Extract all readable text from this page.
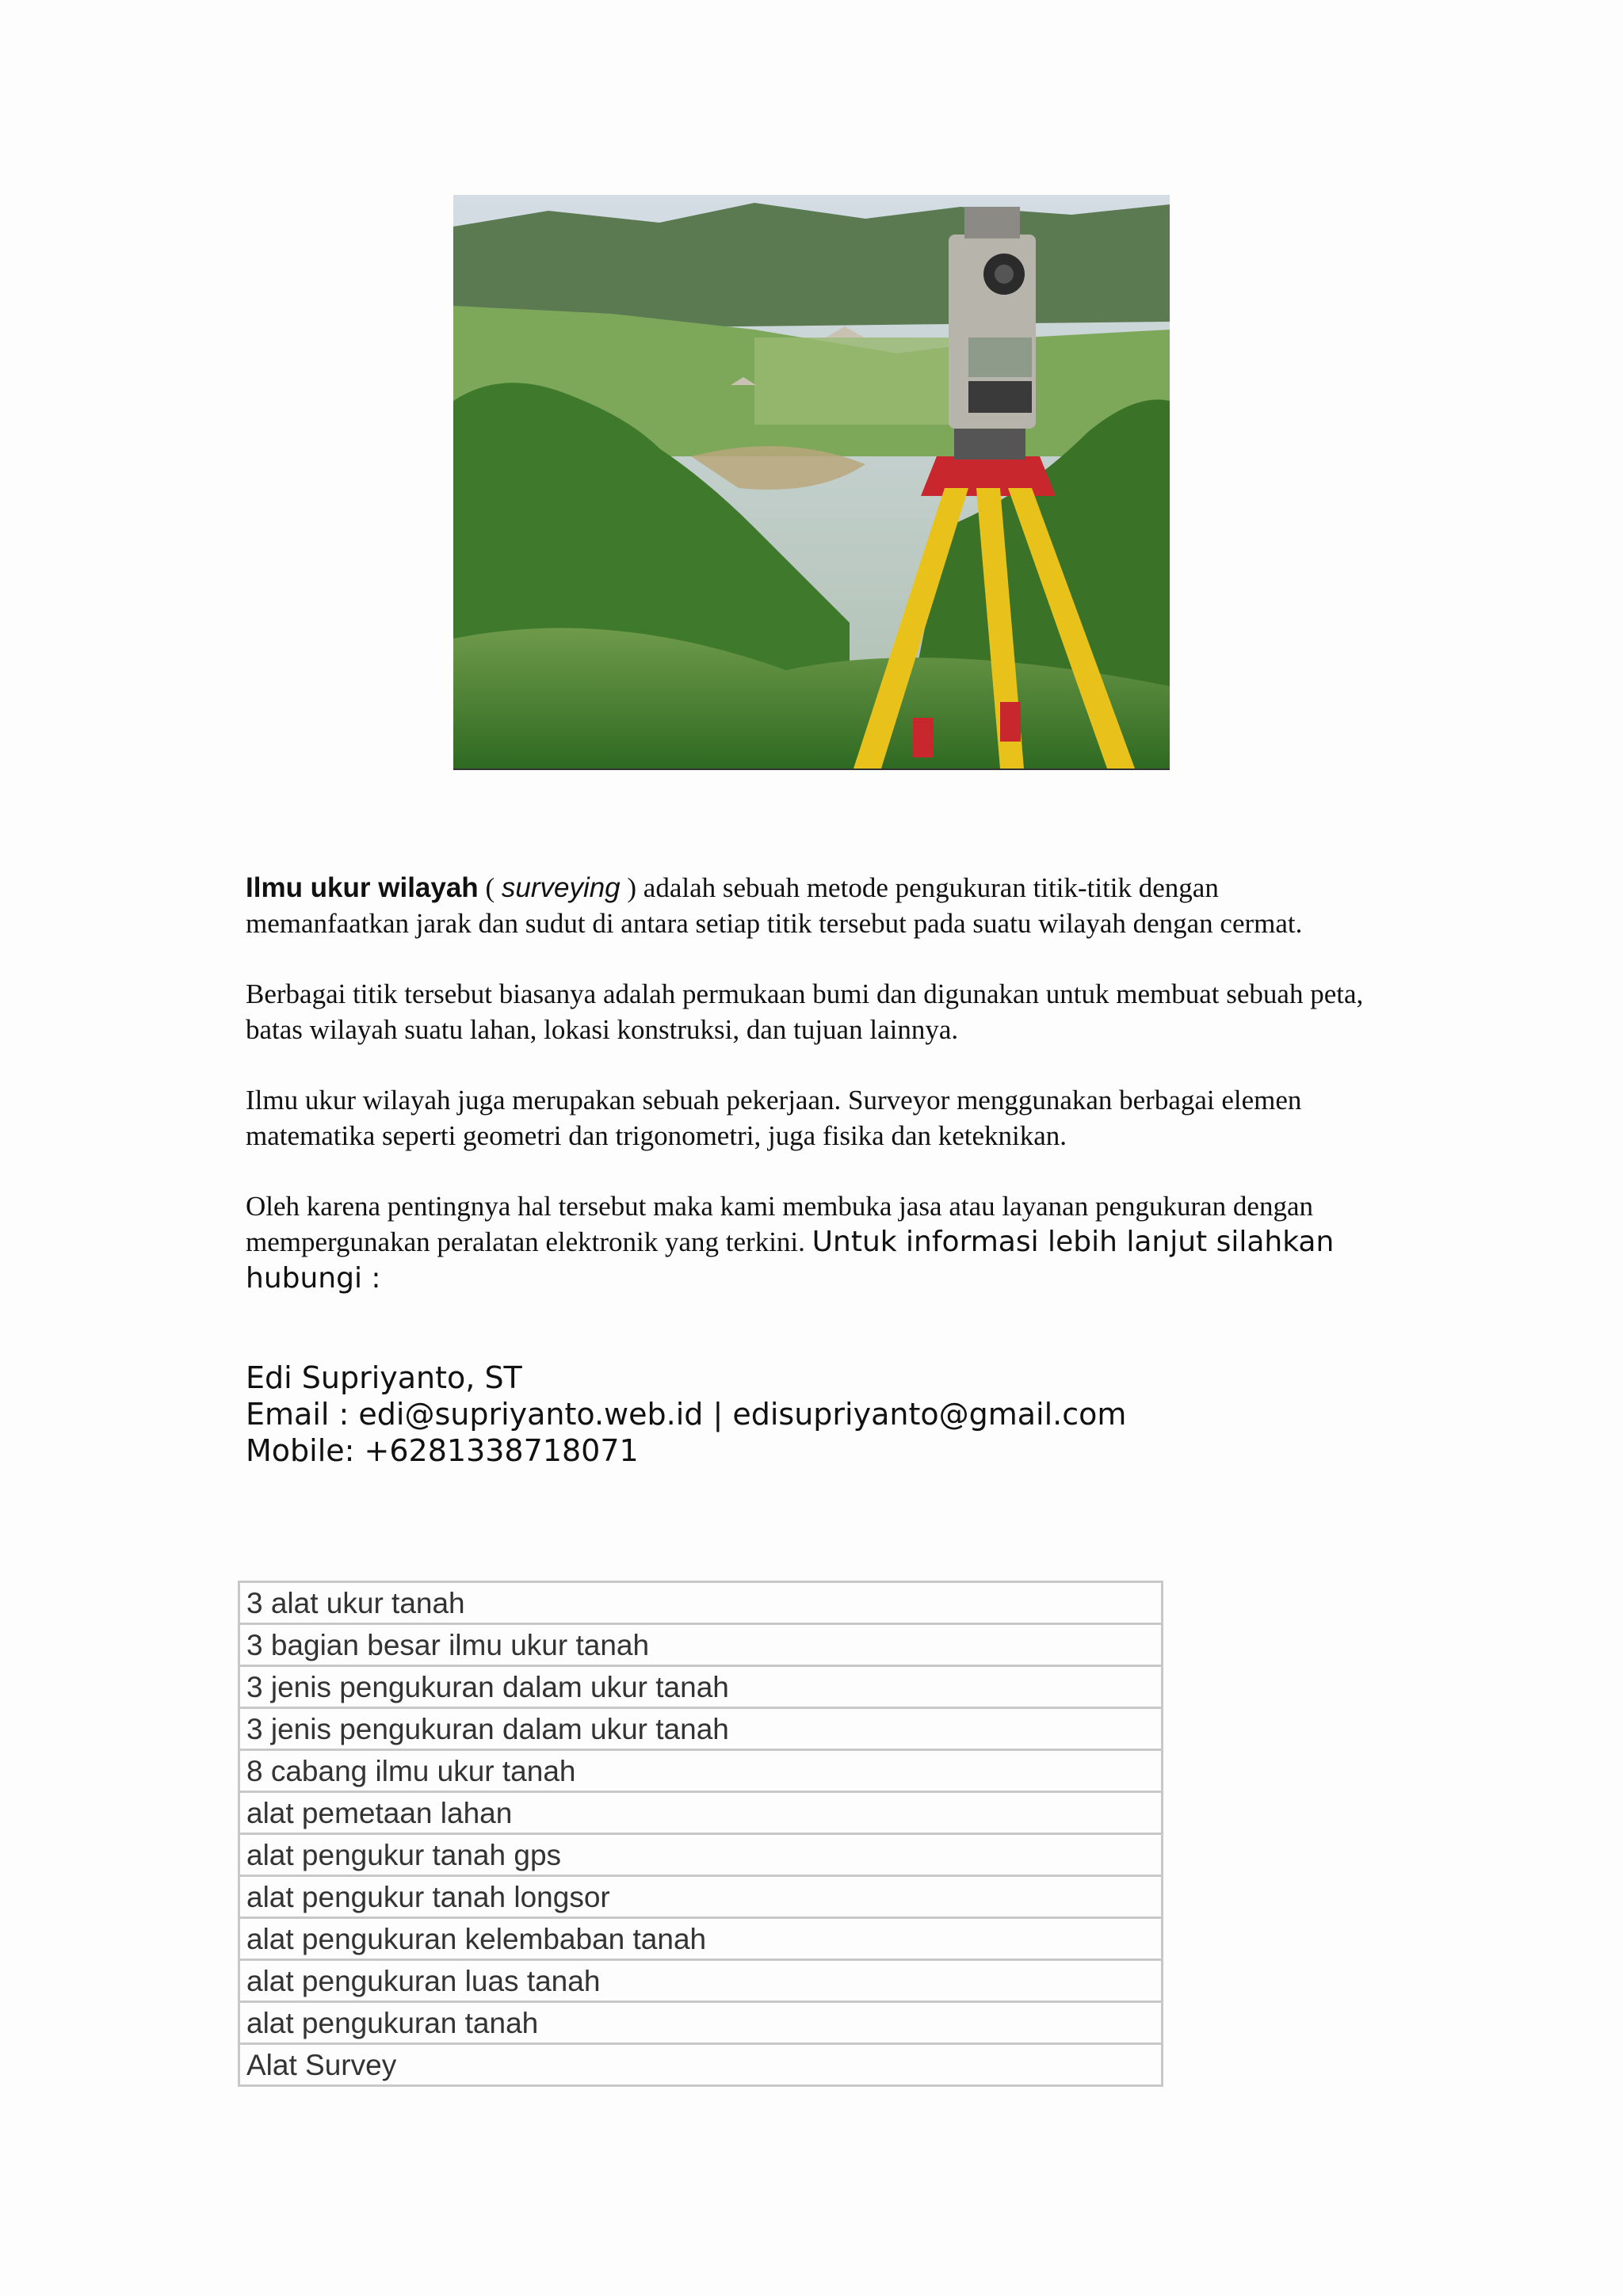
Ilmu ukur wilayah ( surveying ) adalah sebuah metode pengukuran titik-titik dengan memanfaatkan jarak dan sudut di antara setiap titik tersebut pada suatu wilayah dengan cermat.

Berbagai titik tersebut biasanya adalah permukaan bumi dan digunakan untuk membuat sebuah peta, batas wilayah suatu lahan, lokasi konstruksi, dan tujuan lainnya.

Ilmu ukur wilayah juga merupakan sebuah pekerjaan. Surveyor menggunakan berbagai elemen matematika seperti geometri dan trigonometri, juga fisika dan keteknikan.

Oleh karena pentingnya hal tersebut maka kami membuka jasa atau layanan pengukuran dengan mempergunakan peralatan elektronik yang terkini. Untuk informasi lebih lanjut silahkan hubungi :

Edi Supriyanto, ST
Email : edi@supriyanto.web.id | edisupriyanto@gmail.com
Mobile: +6281338718071
3 alat ukur tanah
3 bagian besar ilmu ukur tanah
3 jenis pengukuran dalam ukur tanah
3 jenis pengukuran dalam ukur tanah
8 cabang ilmu ukur tanah
alat pemetaan lahan
alat pengukur tanah gps
alat pengukur tanah longsor
alat pengukuran kelembaban tanah
alat pengukuran luas tanah
alat pengukuran tanah
Alat Survey
